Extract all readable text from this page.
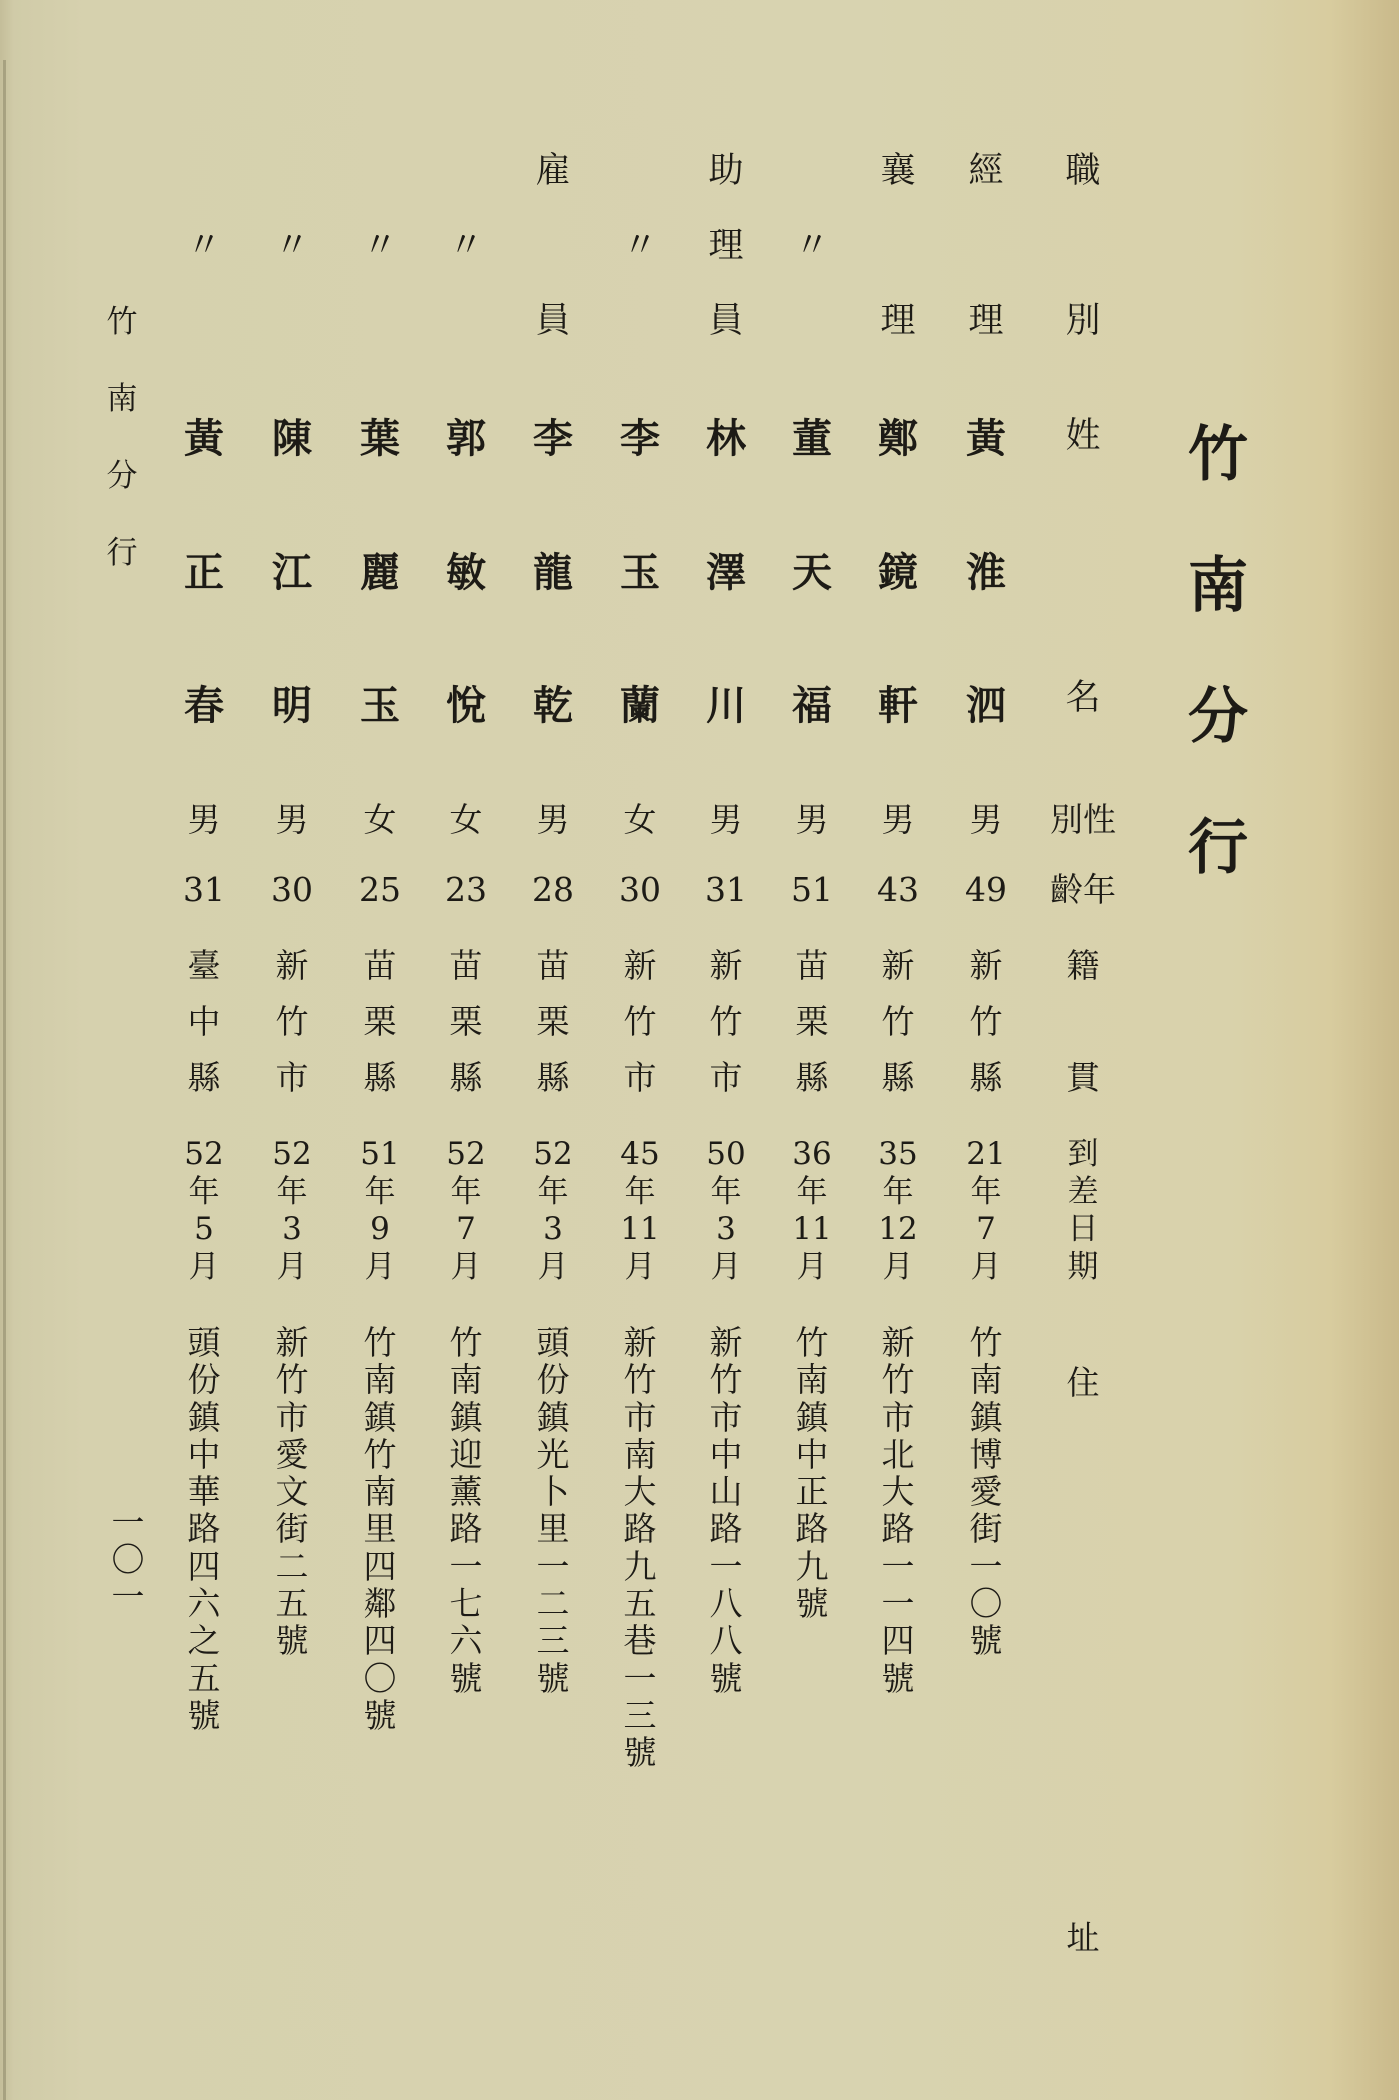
竹
南
分
行
職
別
姓
名
性
別
年
齡
籍
貫
到
差
日
期
住
址
經
理
黃
淮
泗
男
49
新
竹
縣
21
年
7
月
竹
南
鎮
博
愛
街
一
〇
號
襄
理
鄭
鏡
軒
男
43
新
竹
縣
35
年
12
月
新
竹
市
北
大
路
一
一
四
號
〃
董
天
福
男
51
苗
栗
縣
36
年
11
月
竹
南
鎮
中
正
路
九
號
助
理
員
林
澤
川
男
31
新
竹
市
50
年
3
月
新
竹
市
中
山
路
一
八
八
號
〃
李
玉
蘭
女
30
新
竹
市
45
年
11
月
新
竹
市
南
大
路
九
五
巷
一
三
號
雇
員
李
龍
乾
男
28
苗
栗
縣
52
年
3
月
頭
份
鎮
光
卜
里
一
二
三
號
〃
郭
敏
悅
女
23
苗
栗
縣
52
年
7
月
竹
南
鎮
迎
薰
路
一
七
六
號
〃
葉
麗
玉
女
25
苗
栗
縣
51
年
9
月
竹
南
鎮
竹
南
里
四
鄰
四
〇
號
〃
陳
江
明
男
30
新
竹
市
52
年
3
月
新
竹
市
愛
文
街
二
五
號
〃
黃
正
春
男
31
臺
中
縣
52
年
5
月
頭
份
鎮
中
華
路
四
六
之
五
號
竹
南
分
行
一
〇
一
